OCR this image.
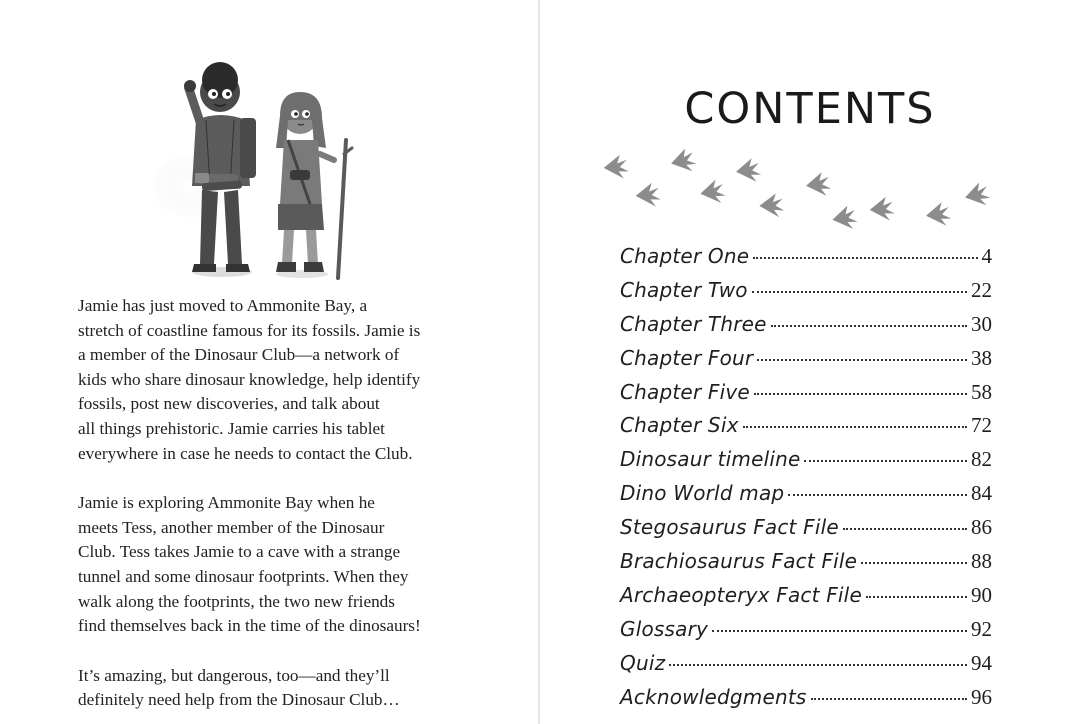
Jamie has just moved to Ammonite Bay, a
stretch of coastline famous for its fossils. Jamie is
a member of the Dinosaur Club—a network of
kids who share dinosaur knowledge, help identify
fossils, post new discoveries, and talk about
all things prehistoric. Jamie carries his tablet
everywhere in case he needs to contact the Club.

Jamie is exploring Ammonite Bay when he
meets Tess, another member of the Dinosaur
Club. Tess takes Jamie to a cave with a strange
tunnel and some dinosaur footprints. When they
walk along the footprints, the two new friends
find themselves back in the time of the dinosaurs!

It’s amazing, but dangerous, too—and they’ll
definitely need help from the Dinosaur Club…

CONTENTS
Chapter One	4
Chapter Two	22
Chapter Three	30
Chapter Four	38
Chapter Five	58
Chapter Six	72
Dinosaur timeline	82
Dino World map	84
Stegosaurus Fact File	86
Brachiosaurus Fact File	88
Archaeopteryx Fact File	90
Glossary	92
Quiz	94
Acknowledgments	96
